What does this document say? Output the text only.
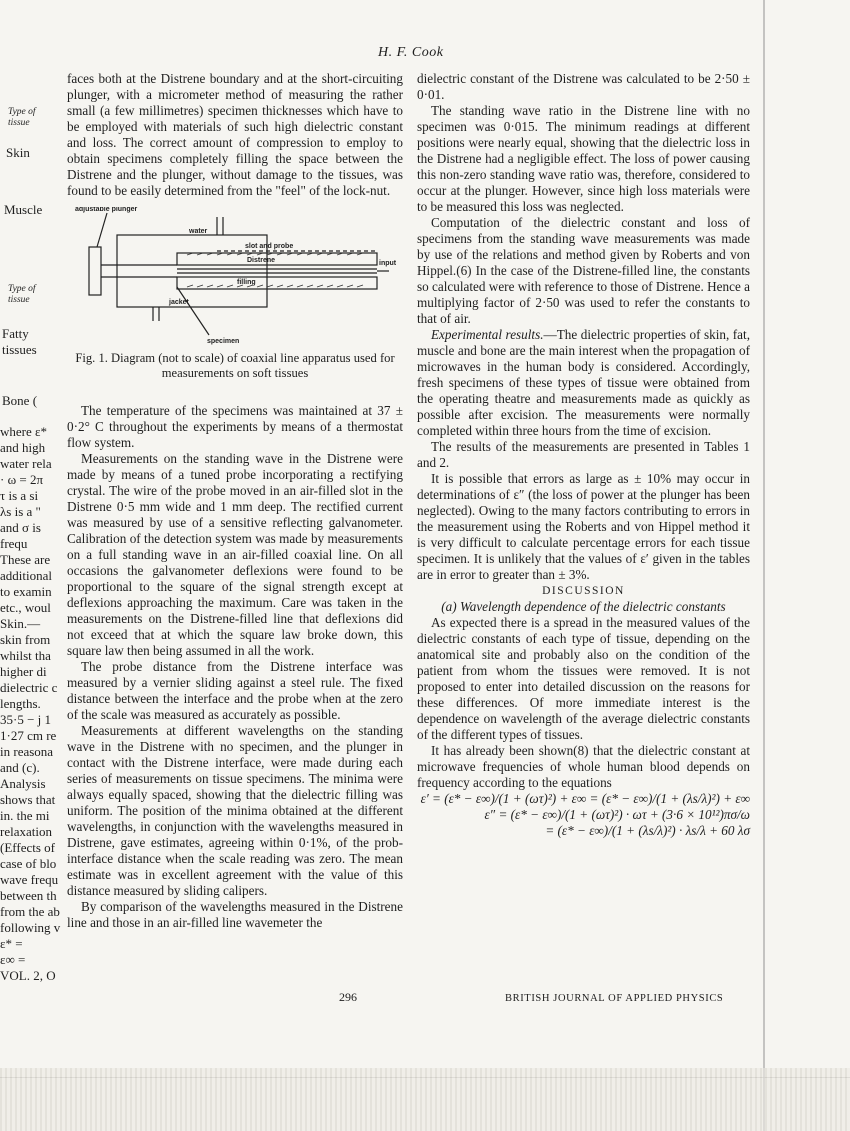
H. F. Cook

faces both at the Distrene boundary and at the short-circuiting plunger, with a micrometer method of measuring the rather small (a few millimetres) specimen thicknesses which have to be employed with materials of such high dielectric constant and loss. The correct amount of compression to employ to obtain specimens completely filling the space between the Distrene and the plunger, without damage to the tissues, was found to be easily determined from the "feel" of the lock-nut.

adjustable plunger
water
slot and probe
Distrene	input
filling
jacket
specimen

Fig. 1. Diagram (not to scale) of coaxial line apparatus used for measurements on soft tissues

The temperature of the specimens was maintained at 37 ± 0·2° C throughout the experiments by means of a thermostat flow system.

Measurements on the standing wave in the Distrene were made by means of a tuned probe incorporating a rectifying crystal. The wire of the probe moved in an air-filled slot in the Distrene 0·5 mm wide and 1 mm deep. The rectified current was measured by use of a sensitive reflecting galvanometer. Calibration of the detection system was made by measurements on a full standing wave in an air-filled coaxial line. On all occasions the galvanometer deflexions were found to be proportional to the square of the signal strength except at deflexions approaching the maximum. Care was taken in the measurements on the Distrene-filled line that deflexions did not exceed that at which the square law broke down, this square law then being assumed in all the work.

The probe distance from the Distrene interface was measured by a vernier sliding against a steel rule. The fixed distance between the interface and the probe when at the zero of the scale was measured as accurately as possible.

Measurements at different wavelengths on the standing wave in the Distrene with no specimen, and the plunger in contact with the Distrene interface, were made during each series of measurements on tissue specimens. The minima were always equally spaced, showing that the dielectric filling was uniform. The position of the minima obtained at the different wavelengths, in conjunction with the wavelengths measured in Distrene, gave estimates, agreeing within 0·1%, of the prob-interface distance when the scale reading was zero. The mean estimate was in excellent agreement with the value of this distance measured by sliding calipers.

By comparison of the wavelengths measured in the Distrene line and those in an air-filled line wavemeter the

dielectric constant of the Distrene was calculated to be 2·50 ± 0·01.

The standing wave ratio in the Distrene line with no specimen was 0·015. The minimum readings at different positions were nearly equal, showing that the dielectric loss in the Distrene had a negligible effect. The loss of power causing this non-zero standing wave ratio was, therefore, considered to occur at the plunger. However, since high loss materials were to be measured this loss was neglected.

Computation of the dielectric constant and loss of specimens from the standing wave measurements was made by use of the relations and method given by Roberts and von Hippel.(6) In the case of the Distrene-filled line, the constants so calculated were with reference to those of Distrene. Hence a multiplying factor of 2·50 was used to refer the constants to that of air.

Experimental results.—The dielectric properties of skin, fat, muscle and bone are the main interest when the propagation of microwaves in the human body is considered. Accordingly, fresh specimens of these types of tissue were obtained from the operating theatre and measurements made as quickly as possible after excision. The measurements were normally completed within three hours from the time of excision.

The results of the measurements are presented in Tables 1 and 2.

It is possible that errors as large as ± 10% may occur in determinations of ε″ (the loss of power at the plunger has been neglected). Owing to the many factors contributing to errors in the measurement using the Roberts and von Hippel method it is very difficult to calculate percentage errors for each tissue specimen. It is unlikely that the values of ε′ given in the tables are in error to greater than ± 3%.

DISCUSSION

(a) Wavelength dependence of the dielectric constants

As expected there is a spread in the measured values of the dielectric constants of each type of tissue, depending on the anatomical site and probably also on the condition of the patient from whom the tissues were removed. It is not proposed to enter into detailed discussion on the reasons for these differences. Of more immediate interest is the dependence on wavelength of the average dielectric constants of the different types of tissues.

It has already been shown(8) that the dielectric constant at microwave frequencies of whole human blood depends on frequency according to the equations

ε′ = (ε* − ε∞)/(1 + (ωτ)²) + ε∞ = (ε* − ε∞)/(1 + (λs/λ)²) + ε∞

ε″ = (ε* − ε∞)/(1 + (ωτ)²) · ωτ + (3·6 × 10¹²)πσ/ω

= (ε* − ε∞)/(1 + (λs/λ)²) · λs/λ + 60 λσ

296	BRITISH JOURNAL OF APPLIED PHYSICS
Type of tissue
Skin
Muscle
Type of tissue
Fatty tissues
Bone (
where ε*
and high
water rela
· ω = 2π
τ is a si
λs is a "
and σ is
frequ
These are
additional
to examin
etc., woul
Skin.—
skin from
whilst tha
higher di
dielectric c
lengths.
35·5 − j 1
1·27 cm re
in reasona
and (c).
Analysis
shows that
in. the mi
relaxation
(Effects of
case of blo
wave frequ
between th
from the ab
following v
ε* =
ε∞ =
VOL. 2, O
